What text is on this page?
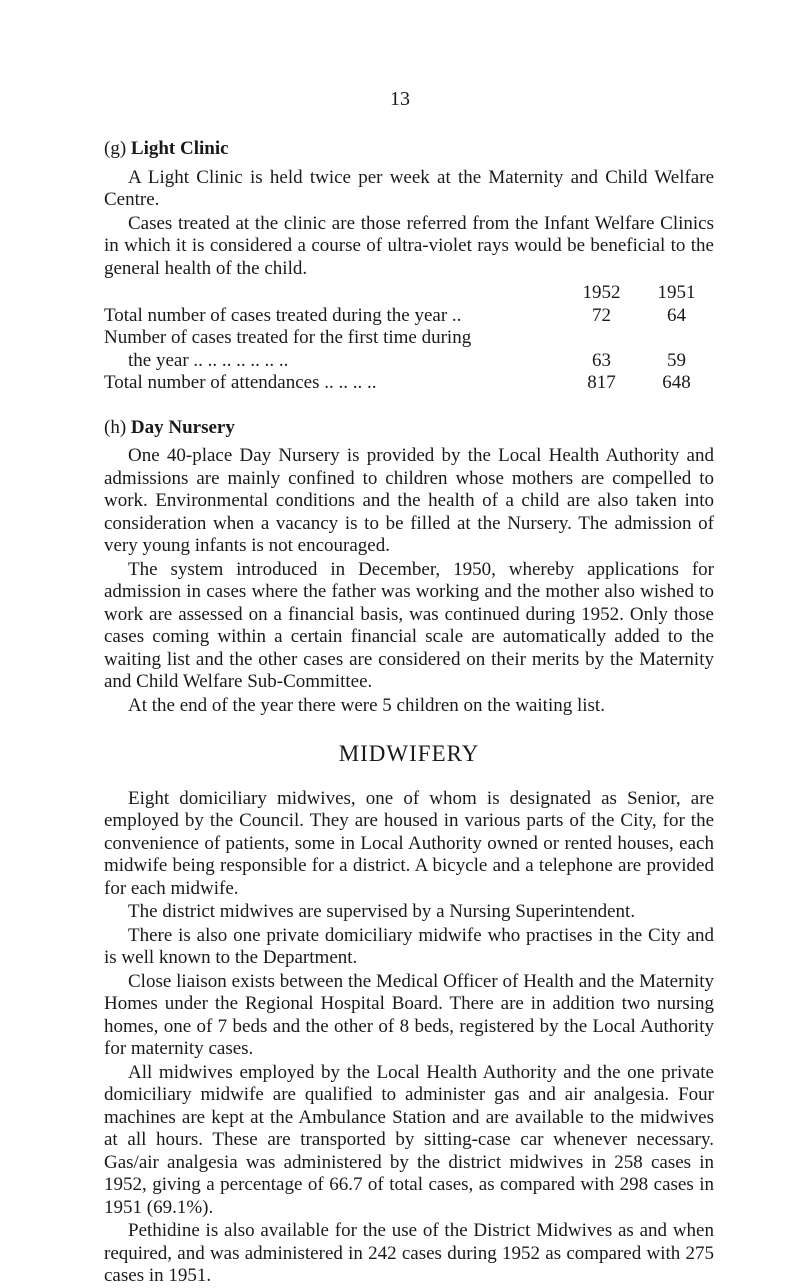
13
(g) Light Clinic

A Light Clinic is held twice per week at the Maternity and Child Welfare Centre.

Cases treated at the clinic are those referred from the Infant Welfare Clinics in which it is considered a course of ultra-violet rays would be beneficial to the general health of the child.

1952	1951
Total number of cases treated during the year ..	72	64
Number of cases treated for the first time during
the year .. .. .. .. .. .. ..	63	59
Total number of attendances .. .. .. ..	817	648
(h) Day Nursery

One 40-place Day Nursery is provided by the Local Health Authority and admissions are mainly confined to children whose mothers are compelled to work. Environmental conditions and the health of a child are also taken into consideration when a vacancy is to be filled at the Nursery. The admission of very young infants is not encouraged.

The system introduced in December, 1950, whereby applications for admission in cases where the father was working and the mother also wished to work are assessed on a financial basis, was continued during 1952. Only those cases coming within a certain financial scale are automatically added to the waiting list and the other cases are considered on their merits by the Maternity and Child Welfare Sub-Committee.

At the end of the year there were 5 children on the waiting list.

MIDWIFERY

Eight domiciliary midwives, one of whom is designated as Senior, are employed by the Council. They are housed in various parts of the City, for the convenience of patients, some in Local Authority owned or rented houses, each midwife being responsible for a district. A bicycle and a telephone are provided for each midwife.

The district midwives are supervised by a Nursing Superintendent.

There is also one private domiciliary midwife who practises in the City and is well known to the Department.

Close liaison exists between the Medical Officer of Health and the Maternity Homes under the Regional Hospital Board. There are in addition two nursing homes, one of 7 beds and the other of 8 beds, registered by the Local Authority for maternity cases.

All midwives employed by the Local Health Authority and the one private domiciliary midwife are qualified to administer gas and air analgesia. Four machines are kept at the Ambulance Station and are available to the midwives at all hours. These are transported by sitting-case car whenever necessary. Gas/air analgesia was administered by the district midwives in 258 cases in 1952, giving a percentage of 66.7 of total cases, as compared with 298 cases in 1951 (69.1%).

Pethidine is also available for the use of the District Midwives as and when required, and was administered in 242 cases during 1952 as compared with 275 cases in 1951.
